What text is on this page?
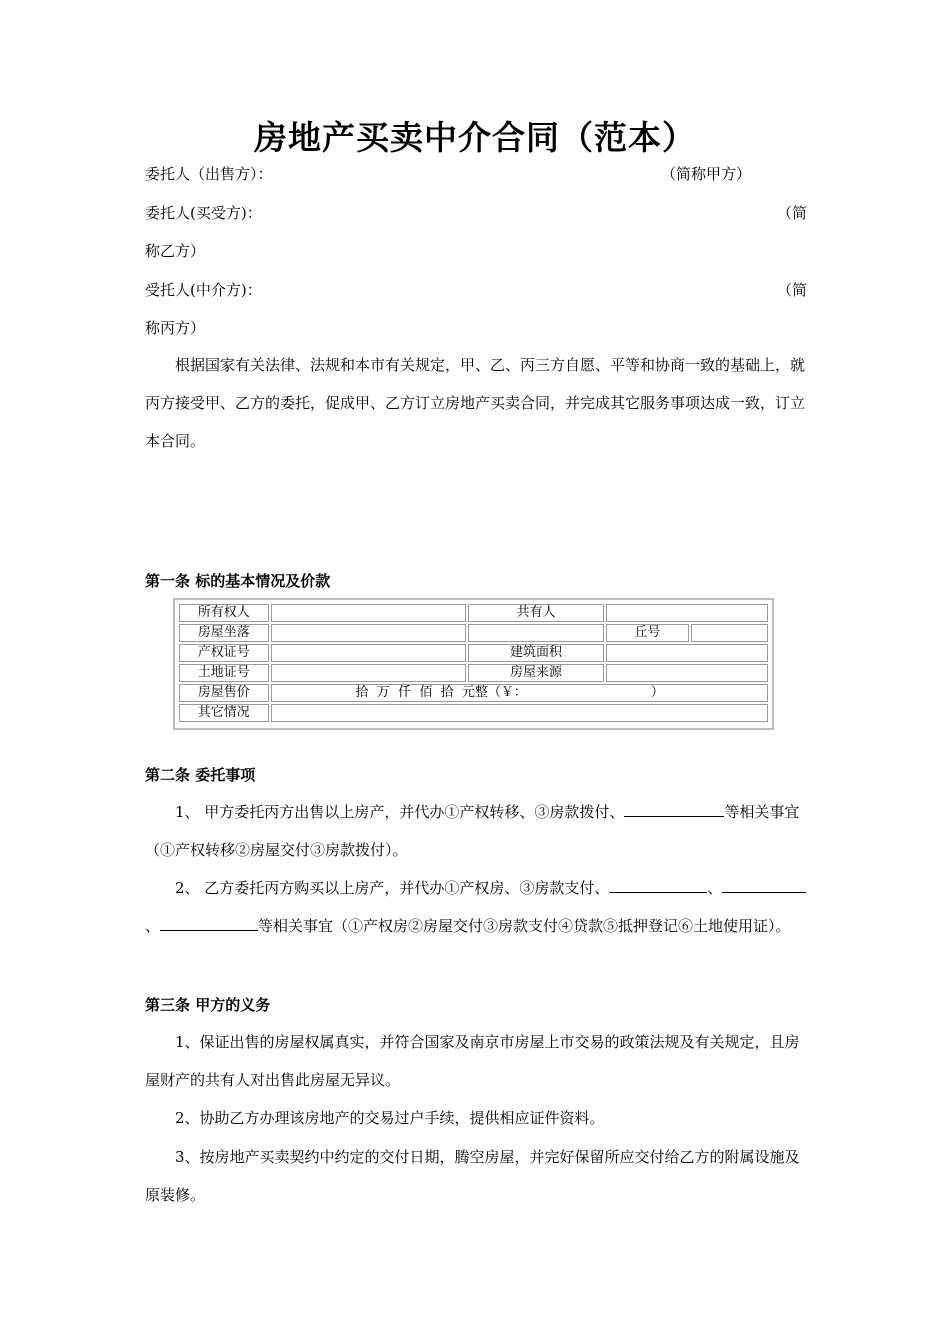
房地产买卖中介合同（范本）
委托人（出售方）：	（简称甲方）
委托人(买受方)：	（简
称乙方）
受托人(中介方)：	（简
称丙方）
根据国家有关法律、法规和本市有关规定，甲、乙、丙三方自愿、平等和协商一致的基础上，就丙方接受甲、乙方的委托，促成甲、乙方订立房地产买卖合同，并完成其它服务事项达成一致，订立本合同。
第一条 标的基本情况及价款
所有权人		共有人		
房屋坐落			丘号	
产权证号		建筑面积		
土地证号		房屋来源		
房屋售价	拾  万  仟  佰  拾  元整（￥：                              ）			
其它情况				
第二条 委托事项
1、 甲方委托丙方出售以上房产，并代办①产权转移、③房款拨付、	等相关事宜（①产权转移②房屋交付③房款拨付）。
2、 乙方委托丙方购买以上房产，并代办①产权房、③房款支付、	、、	等相关事宜（①产权房②房屋交付③房款支付④贷款⑤抵押登记⑥土地使用证）。
第三条 甲方的义务
1、保证出售的房屋权属真实，并符合国家及南京市房屋上市交易的政策法规及有关规定，且房屋财产的共有人对出售此房屋无异议。
2、协助乙方办理该房地产的交易过户手续，提供相应证件资料。
3、按房地产买卖契约中约定的交付日期，腾空房屋，并完好保留所应交付给乙方的附属设施及原装修。
